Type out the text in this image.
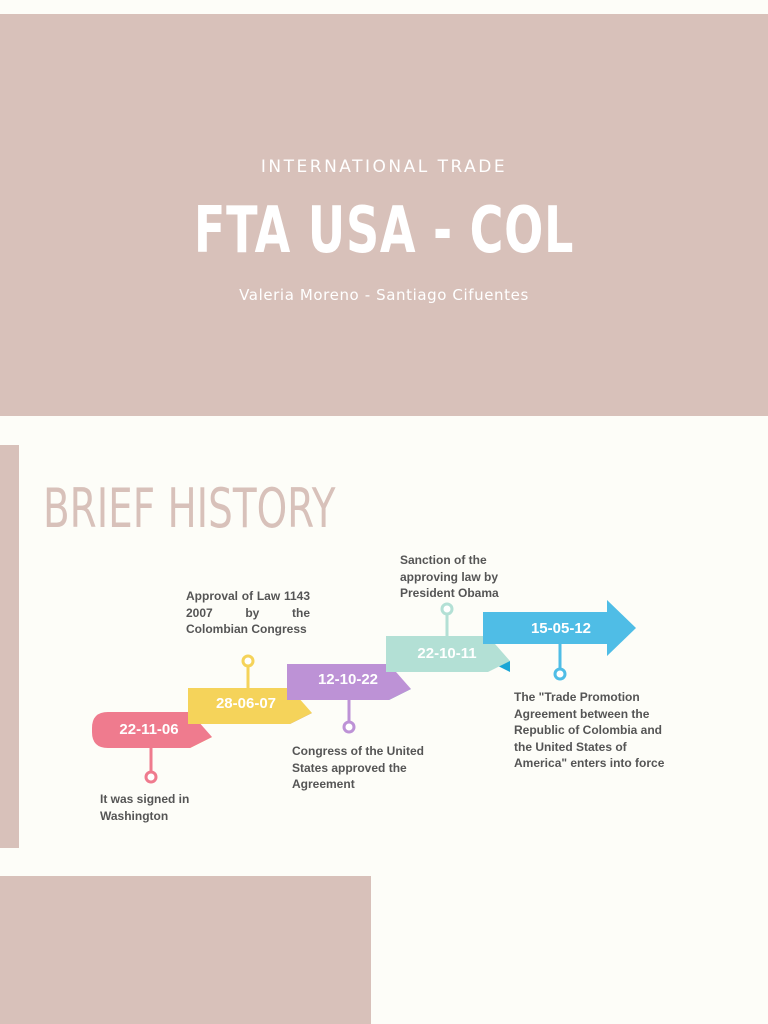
INTERNATIONAL TRADE
FTA USA - COL
Valeria Moreno - Santiago Cifuentes
BRIEF HISTORY
22-11-06
28-06-07
12-10-22
22-10-11
15-05-12
It was signed in Washington
Approval of Law 1143 2007 by the Colombian Congress
Congress of the United States approved the Agreement
Sanction of the approving law by President Obama
The "Trade Promotion Agreement between the Republic of Colombia and the United States of America" enters into force
